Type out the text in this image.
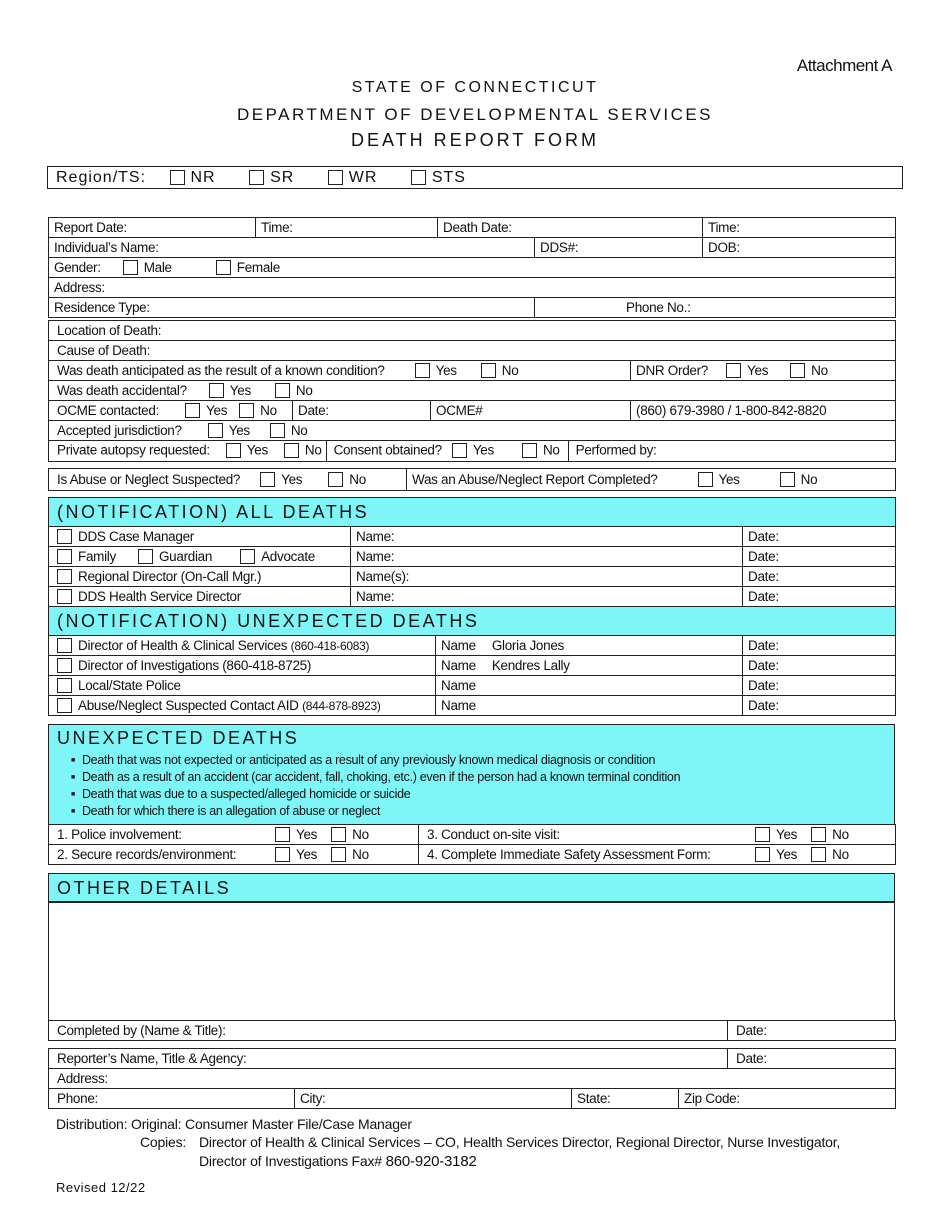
Attachment A
STATE OF CONNECTICUT
DEPARTMENT OF DEVELOPMENTAL SERVICES
DEATH REPORT FORM
Region/TS:	NR	SR	WR	STS
Report Date:	Time:	Death Date:		Time:
Individual’s Name:			DDS#:	DOB:
Gender: Male Female				
Address:				
Residence Type:			Phone No.:	
Location of Death:			
Cause of Death:			
Was death anticipated as the result of a known condition? Yes No			DNR Order? Yes No
Was death accidental? Yes No			
OCME contacted: Yes No	Date:	OCME#	(860) 679-3980 / 1-800-842-8820
Accepted jurisdiction? Yes No			
Private autopsy requested: Yes No Consent obtained? Yes No Performed by:			
Is Abuse or Neglect Suspected?	Yes	No	Was an Abuse/Neglect Report Completed?	Yes	No
(NOTIFICATION) ALL DEATHS		
DDS Case Manager	Name:	Date:
Family Guardian Advocate	Name:	Date:
Regional Director (On-Call Mgr.)	Name(s):	Date:
DDS Health Service Director	Name:	Date:
(NOTIFICATION) UNEXPECTED DEATHS		
Director of Health & Clinical Services (860-418-6083)	Name Gloria Jones	Date:
Director of Investigations (860-418-8725)	Name Kendres Lally	Date:
Local/State Police	Name	Date:
Abuse/Neglect Suspected Contact AID (844-878-8923)	Name	Date:
UNEXPECTED DEATHS
■ Death that was not expected or anticipated as a result of any previously known medical diagnosis or condition
■ Death as a result of an accident (car accident, fall, choking, etc.) even if the person had a known terminal condition
■ Death that was due to a suspected/alleged homicide or suicide
■ Death for which there is an allegation of abuse or neglect
1. Police involvement: Yes No	3. Conduct on-site visit: Yes No
2. Secure records/environment: Yes No	4. Complete Immediate Safety Assessment Form: Yes No
OTHER DETAILS
Completed by (Name & Title):	Date:
Reporter’s Name, Title & Agency:				Date:
Address:				
Phone:	City:	State:	Zip Code:	
Distribution: Original: Consumer Master File/Case Manager
Copies: Director of Health & Clinical Services – CO, Health Services Director, Regional Director, Nurse Investigator,
Director of Investigations Fax# 860-920-3182
Revised 12/22
